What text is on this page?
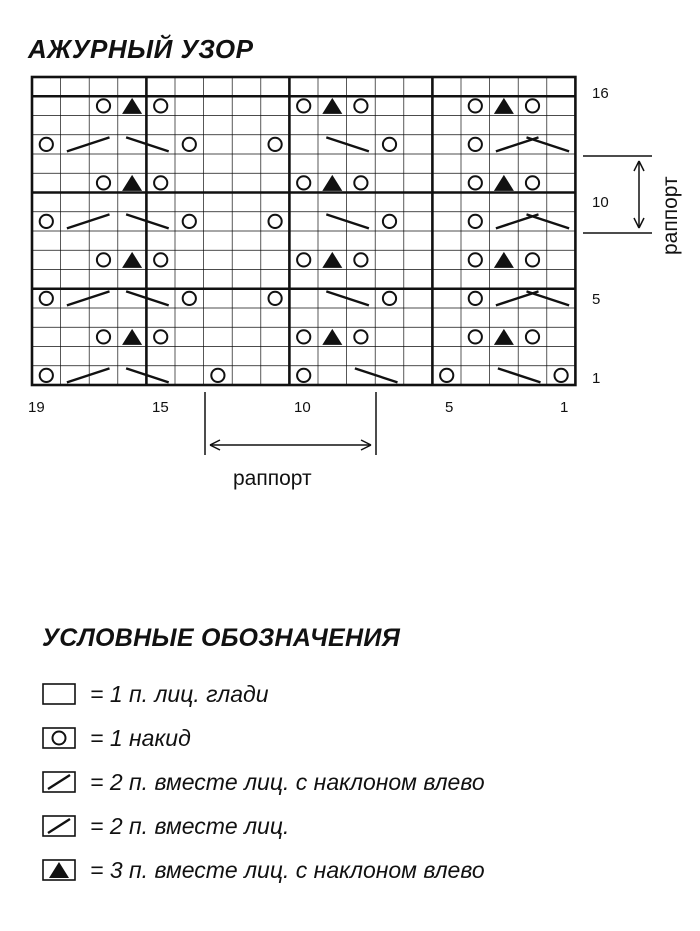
АЖУРНЫЙ УЗОР
16
10
5
1
19	15	10	5	1
раппорт
раппорт
УСЛОВНЫЕ ОБОЗНАЧЕНИЯ
= 1 п. лиц. глади
= 1 накид
= 2 п. вместе лиц. с наклоном влево
= 2 п. вместе лиц.
= 3 п. вместе лиц. с наклоном влево
